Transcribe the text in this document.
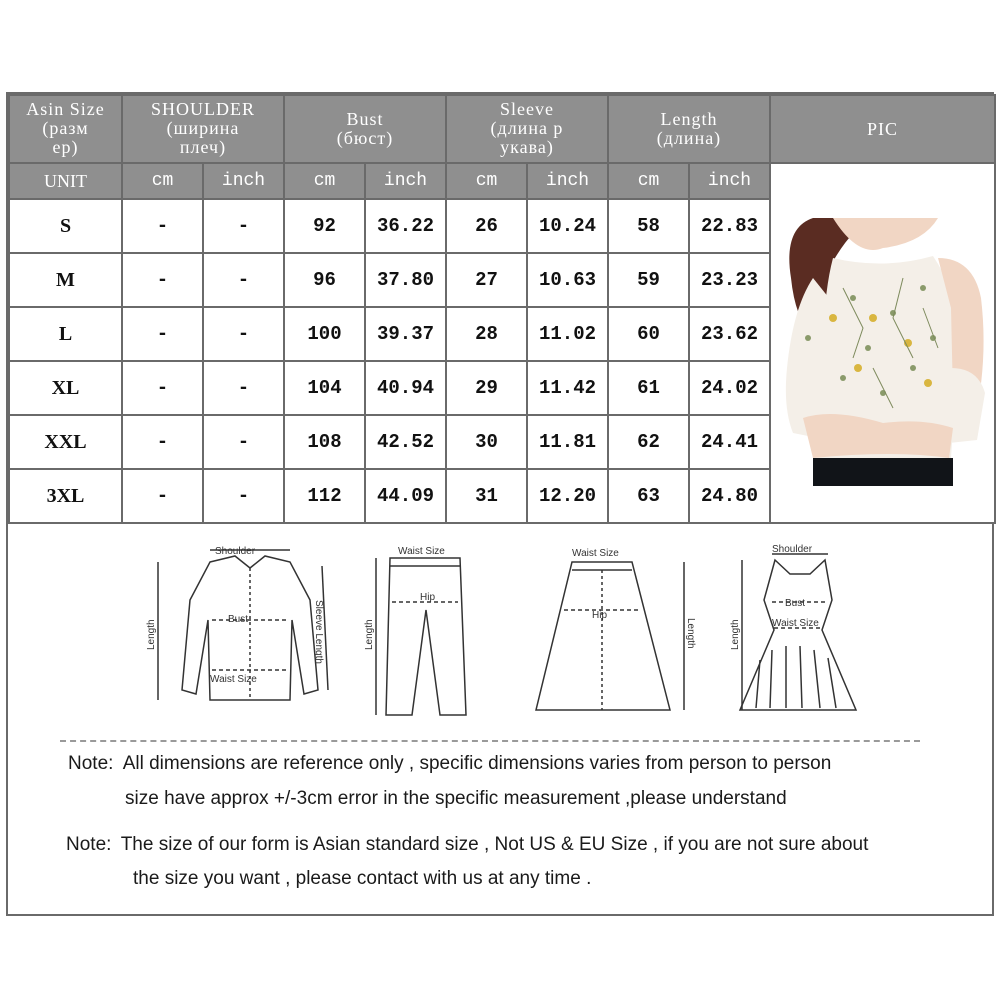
Asin Size
(разм
ер)	SHOULDER
(ширина
плеч)		Bust
(бюст)		Sleeve
(длина р
укава)		Length
(длина)		PIC
UNIT	cm	inch	cm	inch	cm	inch	cm	inch	

S	-	-	92	36.22	26	10.24	58	22.83	
M	-	-	96	37.80	27	10.63	59	23.23	
L	-	-	100	39.37	28	11.02	60	23.62	
XL	-	-	104	40.94	29	11.42	61	24.02	
XXL	-	-	108	42.52	30	11.81	62	24.41	
3XL	-	-	112	44.09	31	12.20	63	24.80	
Shoulder
Bust
Waist Size
Length	Sleeve Length
Waist Size
Hip
Length
Waist Size
Hip
Length
Shoulder
Bust
Waist Size
Length
Note: All dimensions are reference only , specific dimensions varies from person to person
size have approx +/-3cm error in the specific measurement ,please understand
Note: The size of our form is Asian standard size , Not US & EU Size , if you are not sure about
the size you want , please contact with us at any time .
